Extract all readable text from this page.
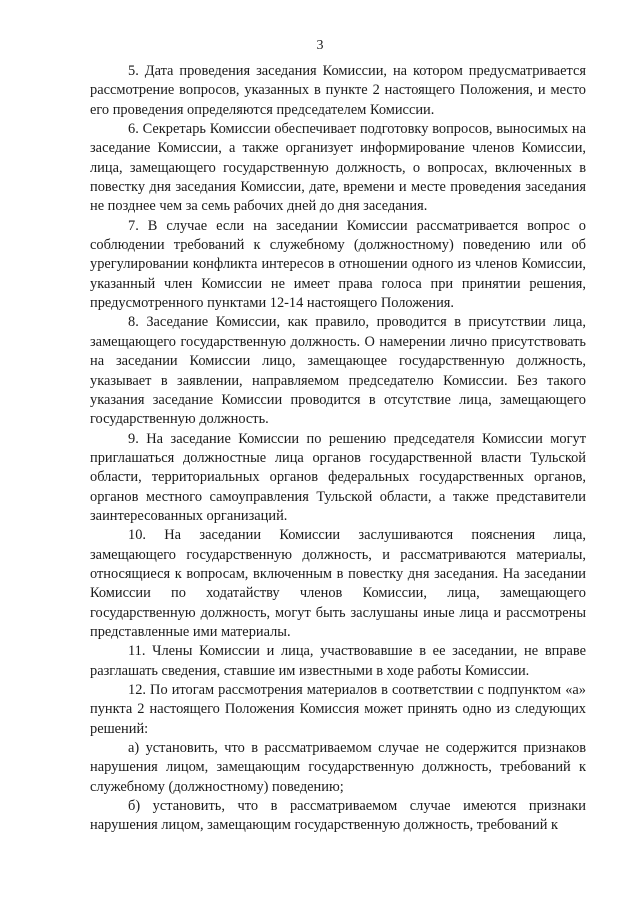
3

5. Дата проведения заседания Комиссии, на котором предусматривается рассмотрение вопросов, указанных в пункте 2 настоящего Положения, и место его проведения определяются председателем Комиссии.

6. Секретарь Комиссии обеспечивает подготовку вопросов, выносимых на заседание Комиссии, а также организует информирование членов Комиссии, лица, замещающего государственную должность, о вопросах, включенных в повестку дня заседания Комиссии, дате, времени и месте проведения заседания не позднее чем за семь рабочих дней до дня заседания.

7. В случае если на заседании Комиссии рассматривается вопрос о соблюдении требований к служебному (должностному) поведению или об урегулировании конфликта интересов в отношении одного из членов Комиссии, указанный член Комиссии не имеет права голоса при принятии решения, предусмотренного пунктами 12-14 настоящего Положения.

8. Заседание Комиссии, как правило, проводится в присутствии лица, замещающего государственную должность. О намерении лично присутствовать на заседании Комиссии лицо, замещающее государственную должность, указывает в заявлении, направляемом председателю Комиссии. Без такого указания заседание Комиссии проводится в отсутствие лица, замещающего государственную должность.

9. На заседание Комиссии по решению председателя Комиссии могут приглашаться должностные лица органов государственной власти Тульской области, территориальных органов федеральных государственных органов, органов местного самоуправления Тульской области, а также представители заинтересованных организаций.

10. На заседании Комиссии заслушиваются пояснения лица, замещающего государственную должность, и рассматриваются материалы, относящиеся к вопросам, включенным в повестку дня заседания. На заседании Комиссии по ходатайству членов Комиссии, лица, замещающего государственную должность, могут быть заслушаны иные лица и рассмотрены представленные ими материалы.

11. Члены Комиссии и лица, участвовавшие в ее заседании, не вправе разглашать сведения, ставшие им известными в ходе работы Комиссии.

12. По итогам рассмотрения материалов в соответствии с подпунктом «а» пункта 2 настоящего Положения Комиссия может принять одно из следующих решений:

а) установить, что в рассматриваемом случае не содержится признаков нарушения лицом, замещающим государственную должность, требований к служебному (должностному) поведению;

б) установить, что в рассматриваемом случае имеются признаки нарушения лицом, замещающим государственную должность, требований к
